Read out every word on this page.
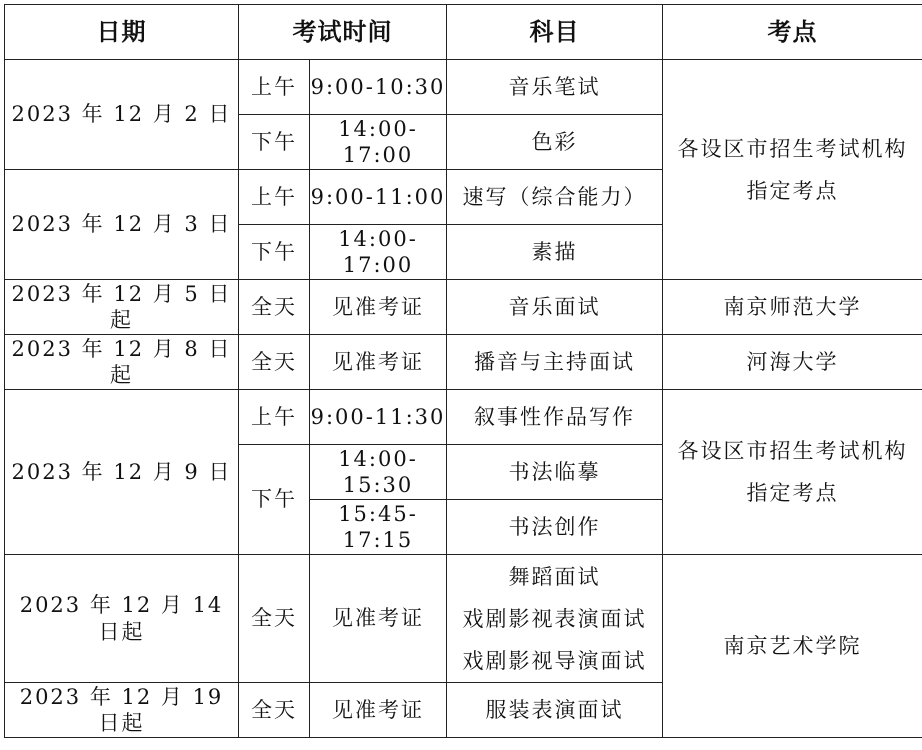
日期	考试时间		科目	考点
2023 年 12 月 2 日	上午	9:00-10:30	音乐笔试	各设区市招生考试机构
指定考点

	下午	14:00-17:00	色彩	
2023 年 12 月 3 日	上午	9:00-11:00	速写（综合能力）	
	下午	14:00-17:00	素描	
2023 年 12 月 5 日起	全天	见准考证	音乐面试	南京师范大学
2023 年 12 月 8 日起	全天	见准考证	播音与主持面试	河海大学
2023 年 12 月 9 日	上午	9:00-11:30	叙事性作品写作	各设区市招生考试机构
指定考点

	下午	14:00-15:30	书法临摹	
		15:45-17:15	书法创作	
2023 年 12 月 14 日起	全天	见准考证	舞蹈面试
戏剧影视表演面试
戏剧影视导演面试	南京艺术学院
2023 年 12 月 19 日起	全天	见准考证	服装表演面试	
